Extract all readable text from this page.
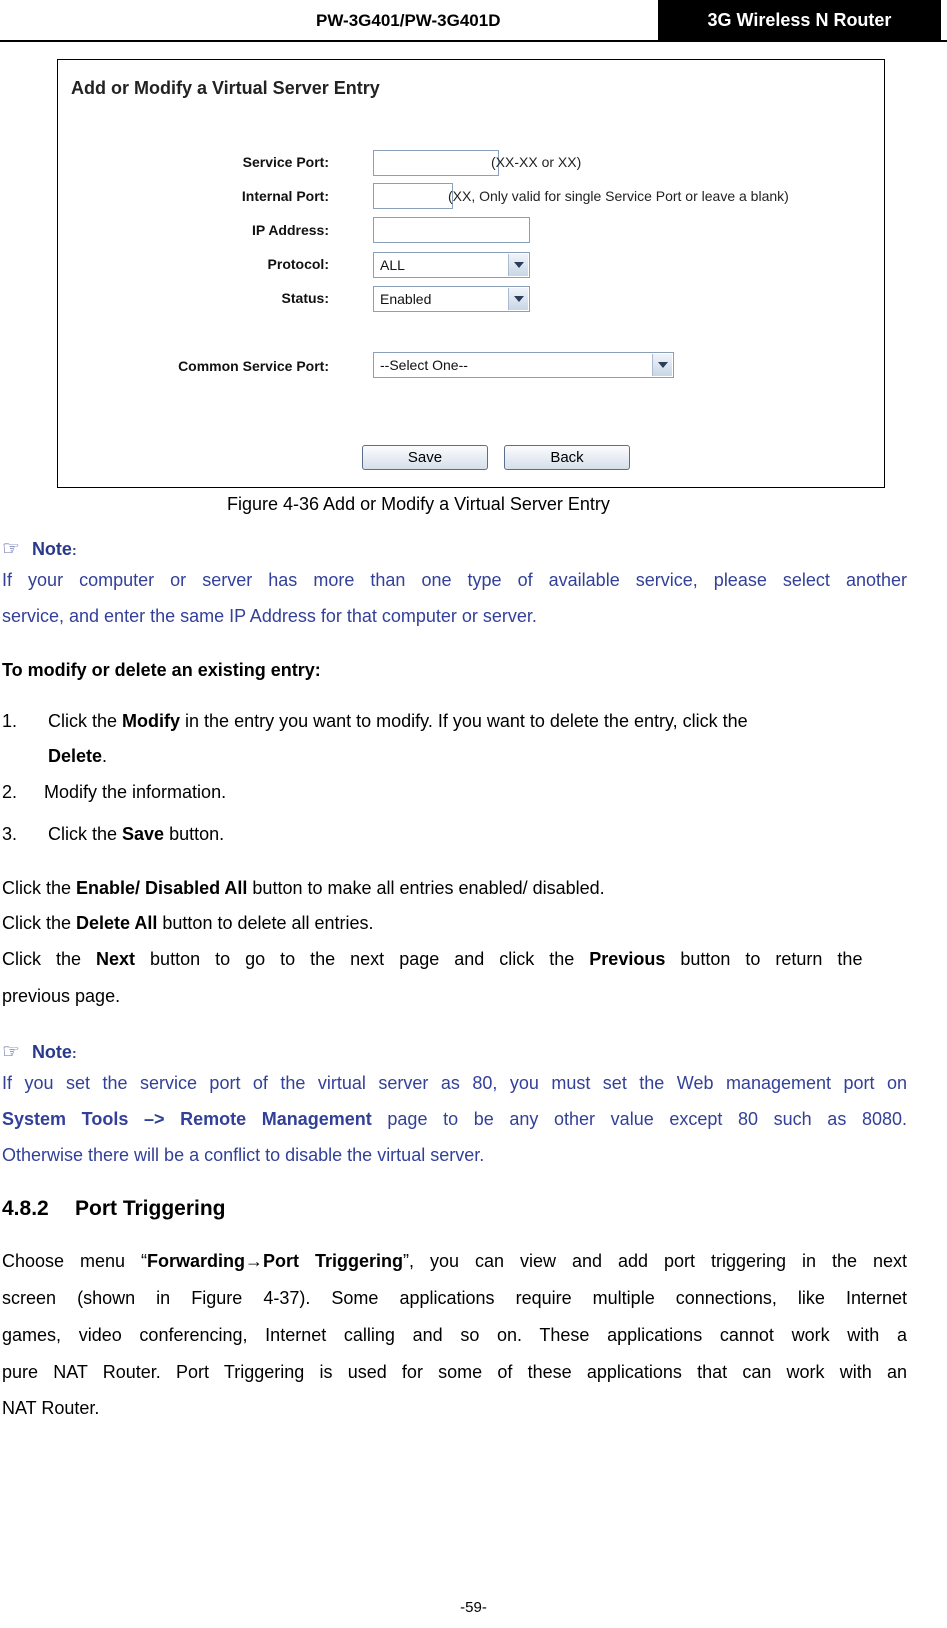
PW-3G401/PW-3G401D	3G Wireless N Router
Add or Modify a Virtual Server Entry
Service Port:	(XX-XX or XX)
Internal Port:	(XX, Only valid for single Service Port or leave a blank)
IP Address:
Protocol:	ALL
Status:	Enabled
Common Service Port:	--Select One--
Save	Back
Figure 4-36 Add or Modify a Virtual Server Entry
☞ Note:
If your computer or server has more than one type of available service, please select another
service, and enter the same IP Address for that computer or server.
To modify or delete an existing entry:
1. Click the Modify in the entry you want to modify. If you want to delete the entry, click the
Delete.
2. Modify the information.
3. Click the Save button.
Click the Enable/ Disabled All button to make all entries enabled/ disabled.
Click the Delete All button to delete all entries.
Click the Next button to go to the next page and click the Previous button to return the
previous page.
☞ Note:
If you set the service port of the virtual server as 80, you must set the Web management port on
System Tools –> Remote Management page to be any other value except 80 such as 8080.
Otherwise there will be a conflict to disable the virtual server.
4.8.2 Port Triggering
Choose menu “Forwarding→Port Triggering”, you can view and add port triggering in the next
screen (shown in Figure 4-37). Some applications require multiple connections, like Internet
games, video conferencing, Internet calling and so on. These applications cannot work with a
pure NAT Router. Port Triggering is used for some of these applications that can work with an
NAT Router.
-59-
